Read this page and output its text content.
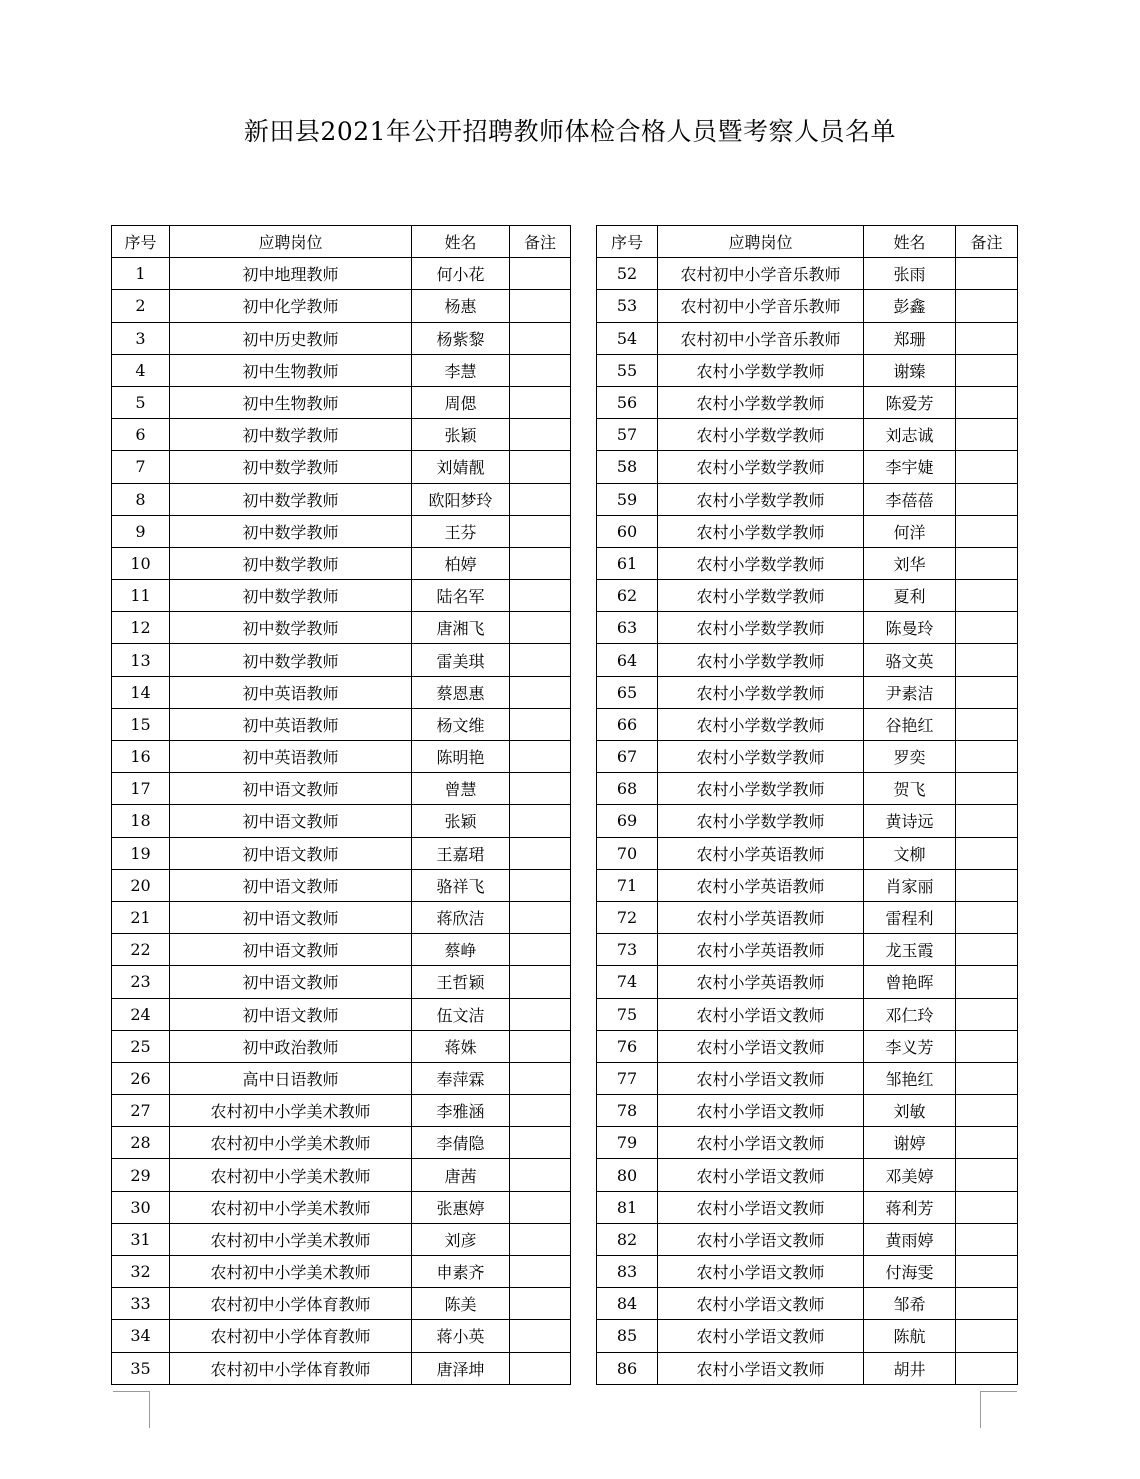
新田县2021年公开招聘教师体检合格人员暨考察人员名单
序号	应聘岗位	姓名	备注
1	初中地理教师	何小花	
2	初中化学教师	杨惠	
3	初中历史教师	杨紫黎	
4	初中生物教师	李慧	
5	初中生物教师	周偲	
6	初中数学教师	张颖	
7	初中数学教师	刘婧靓	
8	初中数学教师	欧阳梦玲	
9	初中数学教师	王芬	
10	初中数学教师	柏婷	
11	初中数学教师	陆名军	
12	初中数学教师	唐湘飞	
13	初中数学教师	雷美琪	
14	初中英语教师	蔡恩惠	
15	初中英语教师	杨文维	
16	初中英语教师	陈明艳	
17	初中语文教师	曾慧	
18	初中语文教师	张颖	
19	初中语文教师	王嘉珺	
20	初中语文教师	骆祥飞	
21	初中语文教师	蒋欣洁	
22	初中语文教师	蔡峥	
23	初中语文教师	王哲颖	
24	初中语文教师	伍文洁	
25	初中政治教师	蒋姝	
26	高中日语教师	奉萍霖	
27	农村初中小学美术教师	李雅涵	
28	农村初中小学美术教师	李倩隐	
29	农村初中小学美术教师	唐茜	
30	农村初中小学美术教师	张惠婷	
31	农村初中小学美术教师	刘彦	
32	农村初中小学美术教师	申素齐	
33	农村初中小学体育教师	陈美	
34	农村初中小学体育教师	蒋小英	
35	农村初中小学体育教师	唐泽坤	
序号	应聘岗位	姓名	备注
52	农村初中小学音乐教师	张雨	
53	农村初中小学音乐教师	彭鑫	
54	农村初中小学音乐教师	郑珊	
55	农村小学数学教师	谢臻	
56	农村小学数学教师	陈爱芳	
57	农村小学数学教师	刘志诚	
58	农村小学数学教师	李宇婕	
59	农村小学数学教师	李蓓蓓	
60	农村小学数学教师	何洋	
61	农村小学数学教师	刘华	
62	农村小学数学教师	夏利	
63	农村小学数学教师	陈曼玲	
64	农村小学数学教师	骆文英	
65	农村小学数学教师	尹素洁	
66	农村小学数学教师	谷艳红	
67	农村小学数学教师	罗奕	
68	农村小学数学教师	贺飞	
69	农村小学数学教师	黄诗远	
70	农村小学英语教师	文柳	
71	农村小学英语教师	肖家丽	
72	农村小学英语教师	雷程利	
73	农村小学英语教师	龙玉霞	
74	农村小学英语教师	曾艳晖	
75	农村小学语文教师	邓仁玲	
76	农村小学语文教师	李义芳	
77	农村小学语文教师	邹艳红	
78	农村小学语文教师	刘敏	
79	农村小学语文教师	谢婷	
80	农村小学语文教师	邓美婷	
81	农村小学语文教师	蒋利芳	
82	农村小学语文教师	黄雨婷	
83	农村小学语文教师	付海雯	
84	农村小学语文教师	邹希	
85	农村小学语文教师	陈航	
86	农村小学语文教师	胡井	
